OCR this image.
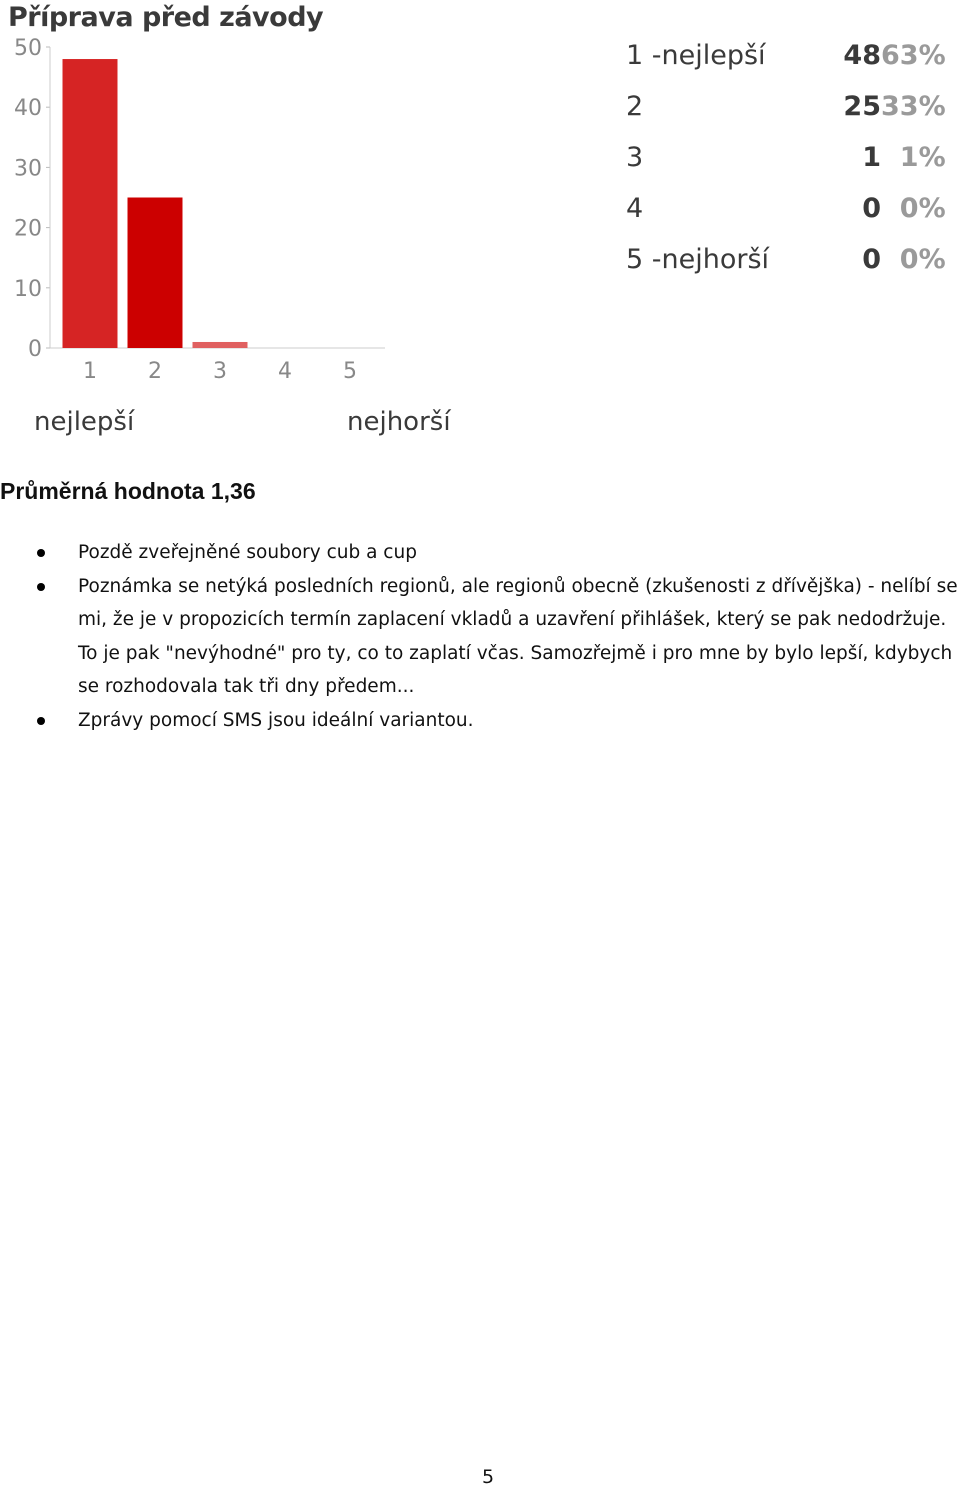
Příprava před závody
0
10
20
30
40
50
1 2 3 4 5
nejlepší	nejhorší
1 -nejlepší	48	63%
2	25	33%
3	1	1%
4	0	0%
5 -nejhorší	0	0%
Průměrná hodnota 1,36
Pozdě zveřejněné soubory cub a cup
Poznámka se netýká posledních regionů, ale regionů obecně (zkušenosti z dřívějška) - nelíbí se mi, že je v propozicích termín zaplacení vkladů a uzavření přihlášek, který se pak nedodržuje. To je pak "nevýhodné" pro ty, co to zaplatí včas. Samozřejmě i pro mne by bylo lepší, kdybych se rozhodovala tak tři dny předem...
Zprávy pomocí SMS jsou ideální variantou.
5
